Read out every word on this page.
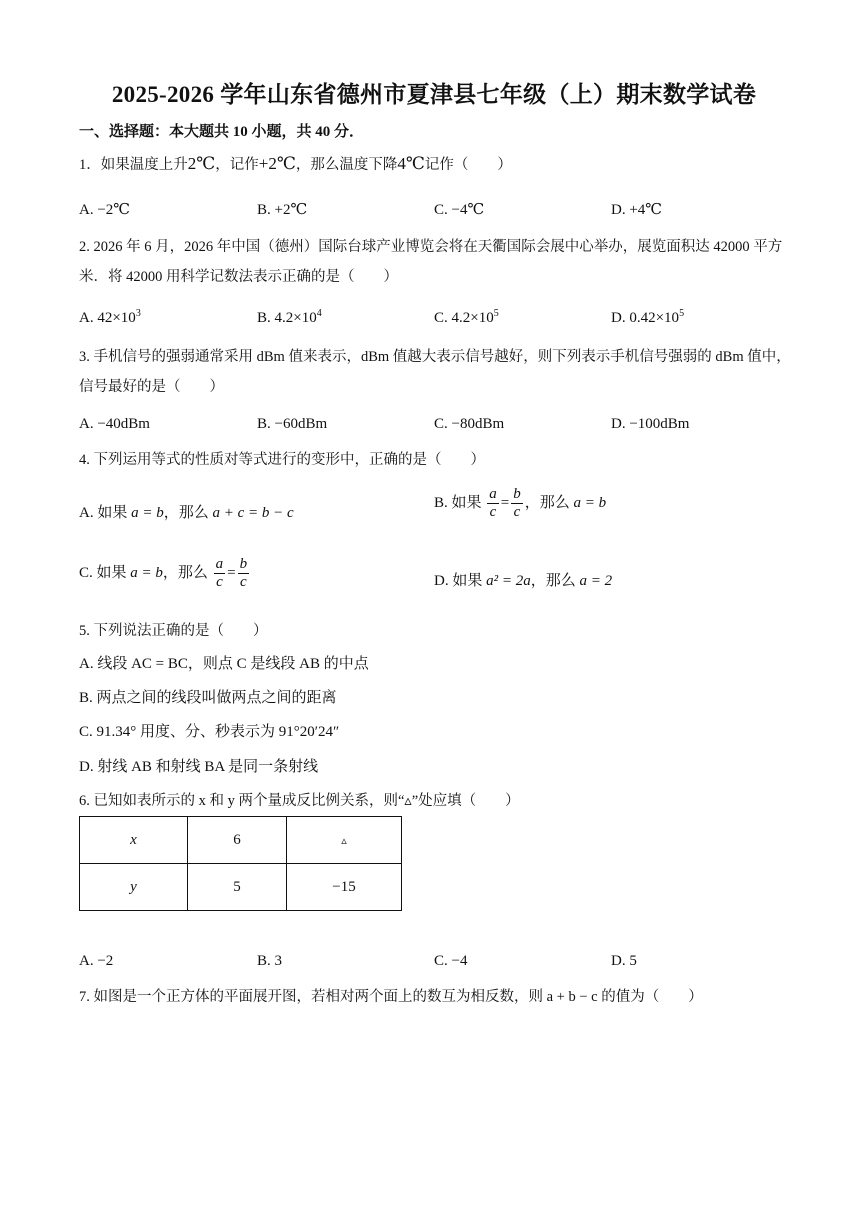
2025-2026 学年山东省德州市夏津县七年级（上）期末数学试卷
一、选择题：本大题共 10 小题，共 40 分．
1．如果温度上升2℃，记作+2℃，那么温度下降4℃记作（　　）
A. −2℃	B. +2℃	C. −4℃	D. +4℃
2. 2026 年 6 月，2026 年中国（德州）国际台球产业博览会将在天衢国际会展中心举办，展览面积达 42000 平方米．将 42000 用科学记数法表示正确的是（　　）
A. $42\times 10^3$	B. $4.2\times 10^4$	C. $4.2\times 10^5$	D. $0.42\times 10^5$
3. 手机信号的强弱通常采用 dBm 值来表示，dBm 值越大表示信号越好，则下列表示手机信号强弱的 dBm 值中，信号最好的是（　　）
A. −40dBm	B. −60dBm	C. −80dBm	D. −100dBm
4. 下列运用等式的性质对等式进行的变形中，正确的是（　　）
A. 如果 a = b，那么 a + c = b − c
B. 如果 $\frac{a}{c} = \frac{b}{c}$ ，那么 a = b
C. 如果 a = b，那么 $\frac{a}{c} = \frac{b}{c}$	D. 如果 a² = 2a，那么 a = 2
5. 下列说法正确的是（　　）
A. 线段 AC = BC，则点 C 是线段 AB 的中点
B. 两点之间的线段叫做两点之间的距离
C. 91.34° 用度、分、秒表示为 91°20′24″
D. 射线 AB 和射线 BA 是同一条射线
6. 已知如表所示的 x 和 y 两个量成反比例关系，则“▵”处应填（　　）
x	6	▵
y	5	−15
A. −2	B. 3	C. −4	D. 5
7. 如图是一个正方体的平面展开图，若相对两个面上的数互为相反数，则 a + b − c 的值为（　　）
